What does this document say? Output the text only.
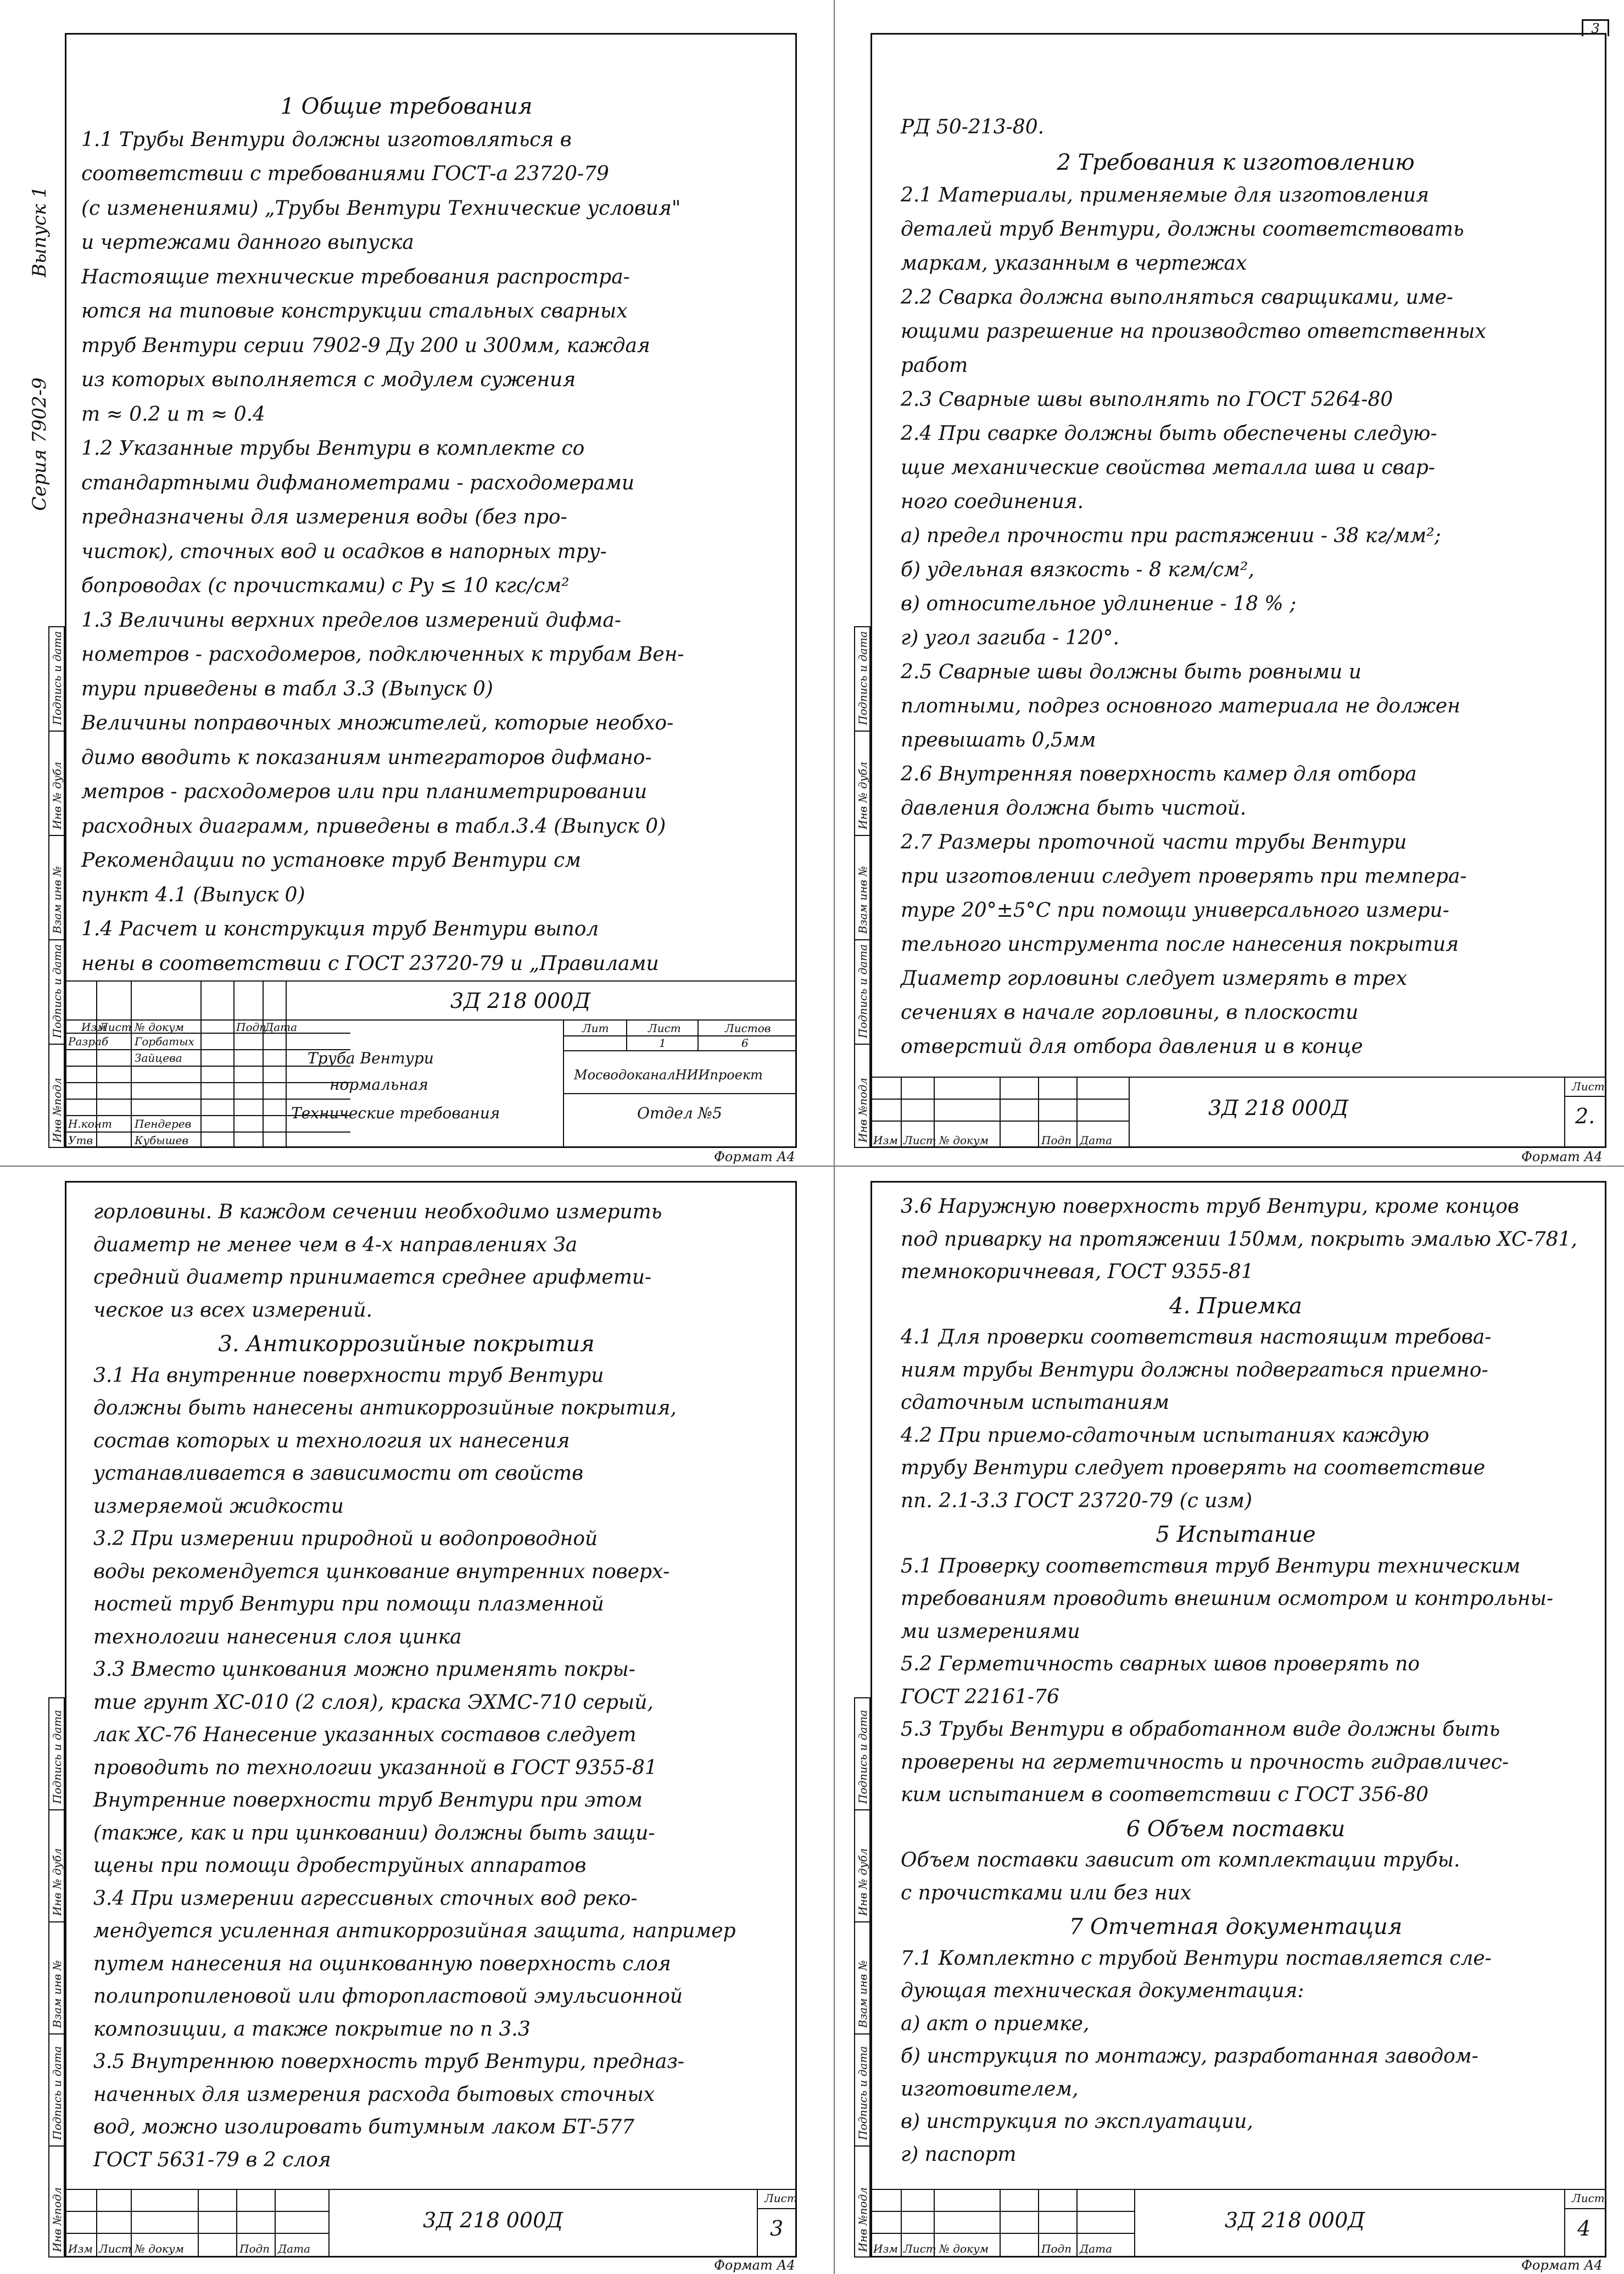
3
Выпуск 1
Серия 7902-9
Инв №подл
Подпись и дата
Взам инв №
Инв № дубл
Подпись и дата
Инв №подл
Подпись и дата
Взам инв №
Инв № дубл
Подпись и дата
Инв №подл
Подпись и дата
Взам инв №
Инв № дубл
Подпись и дата
Инв №подл
Подпись и дата
Взам инв №
Инв № дубл
Подпись и дата
1 Общие требования
1.1 Трубы Вентури должны изготовляться в
соответствии с требованиями ГОСТ-а 23720-79
(с изменениями) „Трубы Вентури Технические условия"
и чертежами данного выпуска
Настоящие технические требования распростра-
ются на типовые конструкции стальных сварных
труб Вентури серии 7902-9 Ду 200 и 300мм, каждая
из которых выполняется с модулем сужения
m ≈ 0.2 и m ≈ 0.4
1.2 Указанные трубы Вентури в комплекте со
стандартными дифманометрами - расходомерами
предназначены для измерения воды (без про-
чисток), сточных вод и осадков в напорных тру-
бопроводах (с прочистками) с Ру ≤ 10 кгс/см²
1.3 Величины верхних пределов измерений дифма-
нометров - расходомеров, подключенных к трубам Вен-
тури приведены в табл 3.3 (Выпуск 0)
Величины поправочных множителей, которые необхо-
димо вводить к показаниям интеграторов дифмано-
метров - расходомеров или при планиметрировании
расходных диаграмм, приведены в табл.3.4 (Выпуск 0)
Рекомендации по установке труб Вентури см
пункт 4.1 (Выпуск 0)
1.4 Расчет и конструкция труб Вентури выпол
нены в соответствии с ГОСТ 23720-79 и „Правилами
Изм
Лист № докум	Подп
Дата
Разраб Горбатых
Зайцева
Н.конт Пендерев
Утв	Кубышев
3Д 218 000Д
Труба Вентури
нормальная
Технические требования
Лит	Лист	Листов
1	6
МосводоканалНИИпроект
Отдел №5
Формат А4
РД 50-213-80.
2 Требования к изготовлению
2.1 Материалы, применяемые для изготовления
деталей труб Вентури, должны соответствовать
маркам, указанным в чертежах
2.2 Сварка должна выполняться сварщиками, име-
ющими разрешение на производство ответственных
работ
2.3 Сварные швы выполнять по ГОСТ 5264-80
2.4 При сварке должны быть обеспечены следую-
щие механические свойства металла шва и свар-
ного соединения.
а) предел прочности при растяжении - 38 кг/мм²;
б) удельная вязкость - 8 кгм/см²,
в) относительное удлинение - 18 % ;
г) угол загиба - 120°.
2.5 Сварные швы должны быть ровными и
плотными, подрез основного материала не должен
превышать 0,5мм
2.6 Внутренняя поверхность камер для отбора
давления должна быть чистой.
2.7 Размеры проточной части трубы Вентури
при изготовлении следует проверять при темпера-
туре 20°±5°С при помощи универсального измери-
тельного инструмента после нанесения покрытия
Диаметр горловины следует измерять в трех
сечениях в начале горловины, в плоскости
отверстий для отбора давления и в конце
Изм Лист № докум	Подп Дата
3Д 218 000Д
Лист
2.
Формат А4
горловины. В каждом сечении необходимо измерить
диаметр не менее чем в 4-х направлениях За
средний диаметр принимается среднее арифмети-
ческое из всех измерений.
3. Антикоррозийные покрытия
3.1 На внутренние поверхности труб Вентури
должны быть нанесены антикоррозийные покрытия,
состав которых и технология их нанесения
устанавливается в зависимости от свойств
измеряемой жидкости
3.2 При измерении природной и водопроводной
воды рекомендуется цинкование внутренних поверх-
ностей труб Вентури при помощи плазменной
технологии нанесения слоя цинка
3.3 Вместо цинкования можно применять покры-
тие грунт ХС-010 (2 слоя), краска ЭХМС-710 серый,
лак ХС-76 Нанесение указанных составов следует
проводить по технологии указанной в ГОСТ 9355-81
Внутренние поверхности труб Вентури при этом
(также, как и при цинковании) должны быть защи-
щены при помощи дробеструйных аппаратов
3.4 При измерении агрессивных сточных вод реко-
мендуется усиленная антикоррозийная защита, например
путем нанесения на оцинкованную поверхность слоя
полипропиленовой или фторопластовой эмульсионной
композиции, а также покрытие по п 3.3
3.5 Внутреннюю поверхность труб Вентури, предназ-
наченных для измерения расхода бытовых сточных
вод, можно изолировать битумным лаком БТ-577
ГОСТ 5631-79 в 2 слоя
Изм Лист № докум	Подп Дата
3Д 218 000Д
Лист
3
Формат А4
3.6 Наружную поверхность труб Вентури, кроме концов
под приварку на протяжении 150мм, покрыть эмалью ХС-781,
темнокоричневая, ГОСТ 9355-81
4. Приемка
4.1 Для проверки соответствия настоящим требова-
ниям трубы Вентури должны подвергаться приемно-
сдаточным испытаниям
4.2 При приемо-сдаточным испытаниях каждую
трубу Вентури следует проверять на соответствие
пп. 2.1-3.3 ГОСТ 23720-79 (с изм)
5 Испытание
5.1 Проверку соответствия труб Вентури техническим
требованиям проводить внешним осмотром и контрольны-
ми измерениями
5.2 Герметичность сварных швов проверять по
ГОСТ 22161-76
5.3 Трубы Вентури в обработанном виде должны быть
проверены на герметичность и прочность гидравличес-
ким испытанием в соответствии с ГОСТ 356-80
6 Объем поставки
Объем поставки зависит от комплектации трубы.
с прочистками или без них
7 Отчетная документация
7.1 Комплектно с трубой Вентури поставляется сле-
дующая техническая документация:
а) акт о приемке,
б) инструкция по монтажу, разработанная заводом-
изготовителем,
в) инструкция по эксплуатации,
г) паспорт
Изм Лист № докум	Подп Дата
3Д 218 000Д
Лист
4
Формат А4
